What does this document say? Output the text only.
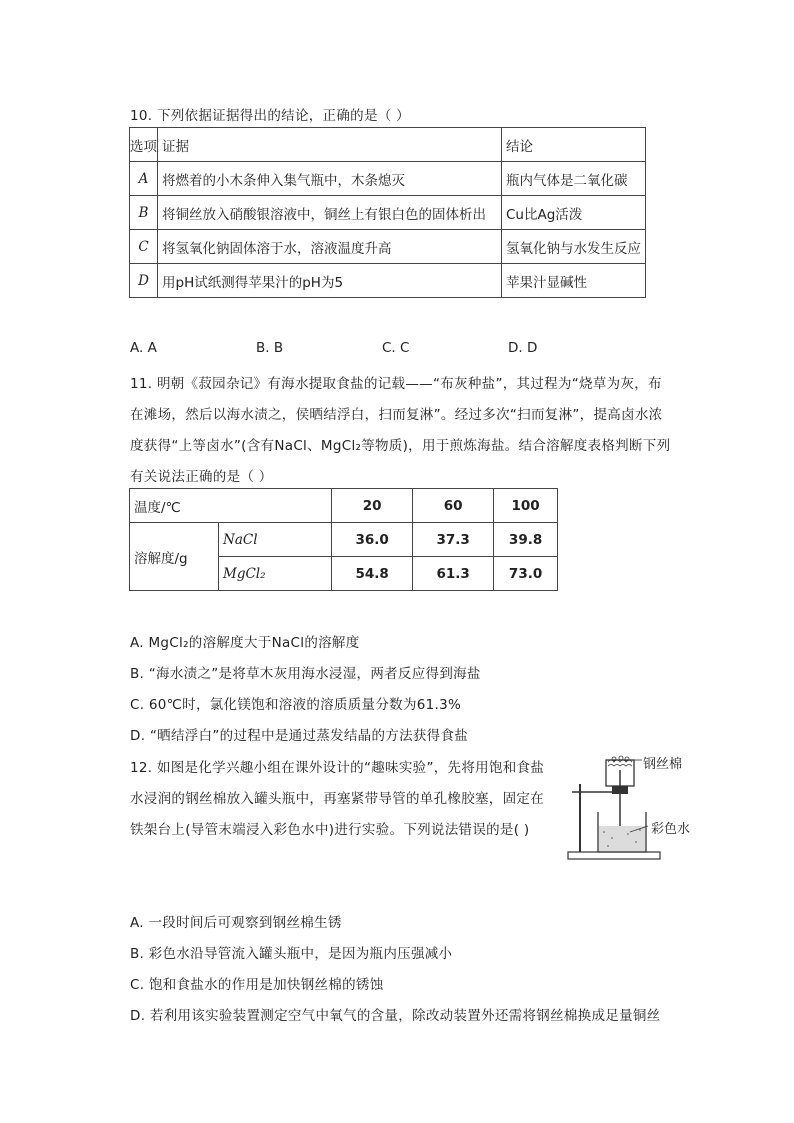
10. 下列依据证据得出的结论，正确的是（ ）
选项	证据	结论
A	将燃着的小木条伸入集气瓶中，木条熄灭	瓶内气体是二氧化碳
B	将铜丝放入硝酸银溶液中，铜丝上有银白色的固体析出	Cu比Ag活泼
C	将氢氧化钠固体溶于水，溶液温度升高	氢氧化钠与水发生反应
D	用pH试纸测得苹果汁的pH为5	苹果汁显碱性
A. A	B. B	C. C	D. D
11. 明朝《菽园杂记》有海水提取食盐的记载——“布灰种盐”，其过程为“烧草为灰，布
在滩场，然后以海水渍之，侯晒结浮白，扫而复淋”。经过多次“扫而复淋”，提高卤水浓
度获得“上等卤水”(含有NaCl、MgCl₂等物质)，用于煎炼海盐。结合溶解度表格判断下列
有关说法正确的是（ ）
温度/℃		20	60	100
溶解度/g	NaCl	36.0	37.3	39.8
	MgCl₂	54.8	61.3	73.0
A. MgCl₂的溶解度大于NaCl的溶解度
B. “海水渍之”是将草木灰用海水浸湿，两者反应得到海盐
C. 60℃时，氯化镁饱和溶液的溶质质量分数为61.3%
D. “晒结浮白”的过程中是通过蒸发结晶的方法获得食盐
12. 如图是化学兴趣小组在课外设计的“趣味实验”，先将用饱和食盐
水浸润的钢丝棉放入罐头瓶中，再塞紧带导管的单孔橡胶塞，固定在
铁架台上(导管末端浸入彩色水中)进行实验。下列说法错误的是( )
钢丝棉
彩色水
A. 一段时间后可观察到钢丝棉生锈
B. 彩色水沿导管流入罐头瓶中，是因为瓶内压强减小
C. 饱和食盐水的作用是加快钢丝棉的锈蚀
D. 若利用该实验装置测定空气中氧气的含量，除改动装置外还需将钢丝棉换成足量铜丝
